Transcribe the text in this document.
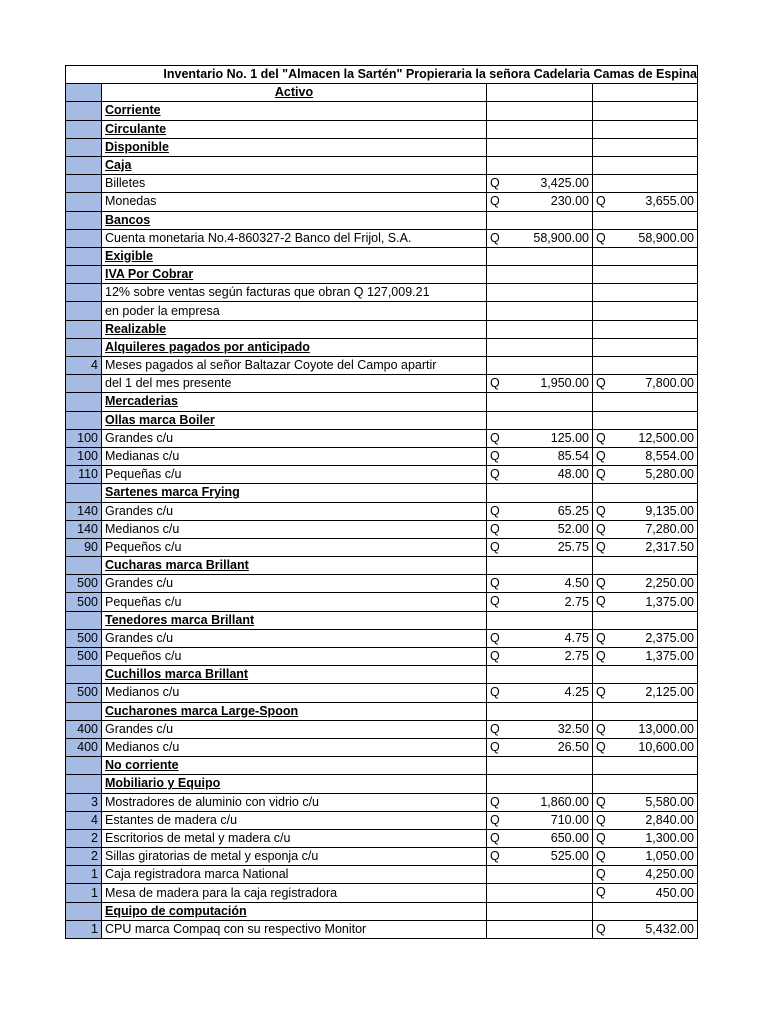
Inventario No. 1 del "Almacen la Sartén" Propieraria la señora Cadelaria Camas de Espina			
	Activo		
	Corriente	

	Circulante	

	Disponible	

	Caja	

	Billetes	Q 3,425.00	

	Monedas	Q 230.00	Q 3,655.00

	Bancos	

	Cuenta monetaria No.4-860327-2 Banco del Frijol, S.A.	Q 58,900.00	Q 58,900.00

	Exigible	

	IVA Por Cobrar	

	12% sobre ventas según facturas que obran Q 127,009.21	

	en poder la empresa	

	Realizable	

	Alquileres pagados por anticipado	

4	Meses pagados al señor Baltazar Coyote del Campo apartir	

	del 1 del mes presente	Q 1,950.00	Q 7,800.00

	Mercaderias	

	Ollas marca Boiler	

100	Grandes c/u	Q 125.00	Q 12,500.00

100	Medianas c/u	Q 85.54	Q 8,554.00

110	Pequeñas c/u	Q 48.00	Q 5,280.00

	Sartenes marca Frying	

140	Grandes c/u	Q 65.25	Q 9,135.00

140	Medianos c/u	Q 52.00	Q 7,280.00

90	Pequeños c/u	Q 25.75	Q 2,317.50

	Cucharas marca Brillant	

500	Grandes c/u	Q 4.50	Q 2,250.00

500	Pequeñas c/u	Q 2.75	Q 1,375.00

	Tenedores marca Brillant	

500	Grandes c/u	Q 4.75	Q 2,375.00

500	Pequeños c/u	Q 2.75	Q 1,375.00

	Cuchillos marca Brillant	

500	Medianos c/u	Q 4.25	Q 2,125.00

	Cucharones marca Large-Spoon	

400	Grandes c/u	Q 32.50	Q 13,000.00

400	Medianos c/u	Q 26.50	Q 10,600.00

	No corriente	

	Mobiliario y Equipo	

3	Mostradores de aluminio con vidrio c/u	Q 1,860.00	Q 5,580.00

4	Estantes de madera c/u	Q 710.00	Q 2,840.00

2	Escritorios de metal y madera c/u	Q 650.00	Q 1,300.00

2	Sillas giratorias de metal y esponja c/u	Q 525.00	Q 1,050.00

1	Caja registradora marca National		Q 4,250.00

1	Mesa de madera para la caja registradora		Q 450.00

	Equipo de computación	

1	CPU marca Compaq con su respectivo Monitor		Q 5,432.00
